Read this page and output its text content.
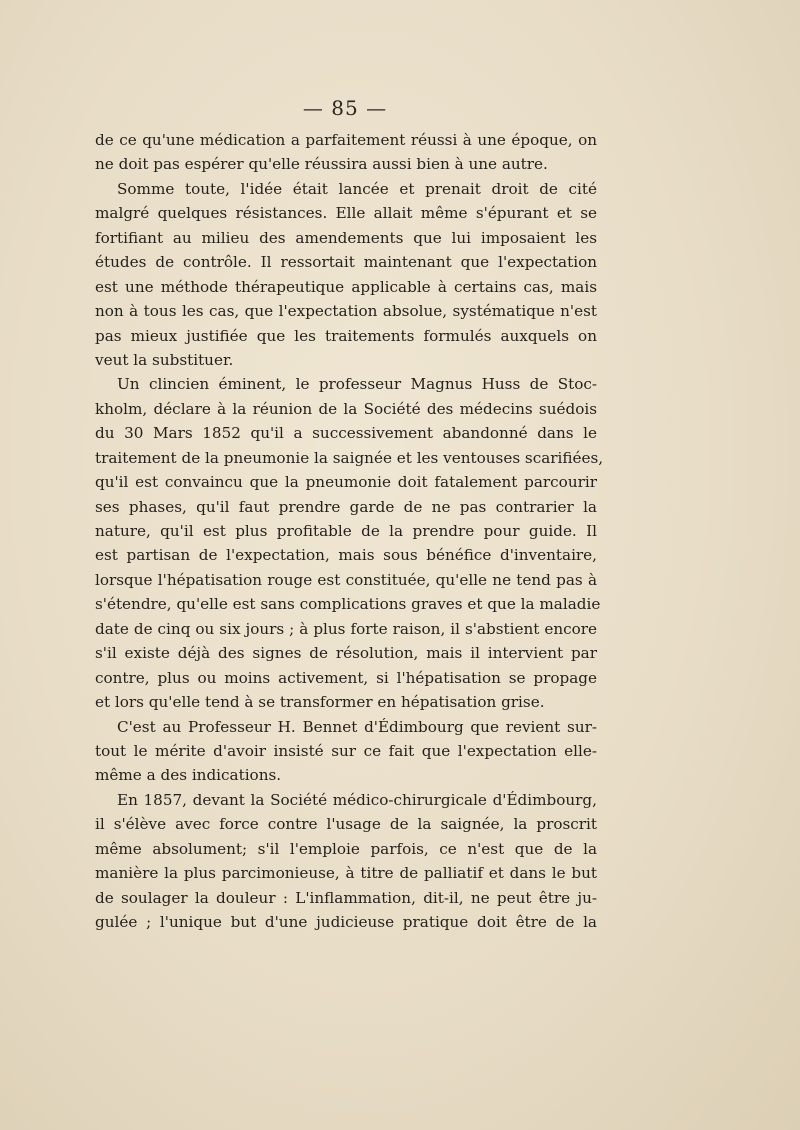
— 85 —
de ce qu'une médication a parfaitement réussi à une époque, on
ne doit pas espérer qu'elle réussira aussi bien à une autre.
Somme toute, l'idée était lancée et prenait droit de cité
malgré quelques résistances. Elle allait même s'épurant et se
fortifiant au milieu des amendements que lui imposaient les
études de contrôle. Il ressortait maintenant que l'expectation
est une méthode thérapeutique applicable à certains cas, mais
non à tous les cas, que l'expectation absolue, systématique n'est
pas mieux justifiée que les traitements formulés auxquels on
veut la substituer.
Un clincien éminent, le professeur Magnus Huss de Stoc-
kholm, déclare à la réunion de la Société des médecins suédois
du 30 Mars 1852 qu'il a successivement abandonné dans le
traitement de la pneumonie la saignée et les ventouses scarifiées,
qu'il est convaincu que la pneumonie doit fatalement parcourir
ses phases, qu'il faut prendre garde de ne pas contrarier la
nature, qu'il est plus profitable de la prendre pour guide. Il
est partisan de l'expectation, mais sous bénéfice d'inventaire,
lorsque l'hépatisation rouge est constituée, qu'elle ne tend pas à
s'étendre, qu'elle est sans complications graves et que la maladie
date de cinq ou six jours ; à plus forte raison, il s'abstient encore
s'il existe déjà des signes de résolution, mais il intervient par
contre, plus ou moins activement, si l'hépatisation se propage
et lors qu'elle tend à se transformer en hépatisation grise.
C'est au Professeur H. Bennet d'Édimbourg que revient sur-
tout le mérite d'avoir insisté sur ce fait que l'expectation elle-
même a des indications.
En 1857, devant la Société médico-chirurgicale d'Édimbourg,
il s'élève avec force contre l'usage de la saignée, la proscrit
même absolument; s'il l'emploie parfois, ce n'est que de la
manière la plus parcimonieuse, à titre de palliatif et dans le but
de soulager la douleur : L'inflammation, dit-il, ne peut être ju-
gulée ; l'unique but d'une judicieuse pratique doit être de la
